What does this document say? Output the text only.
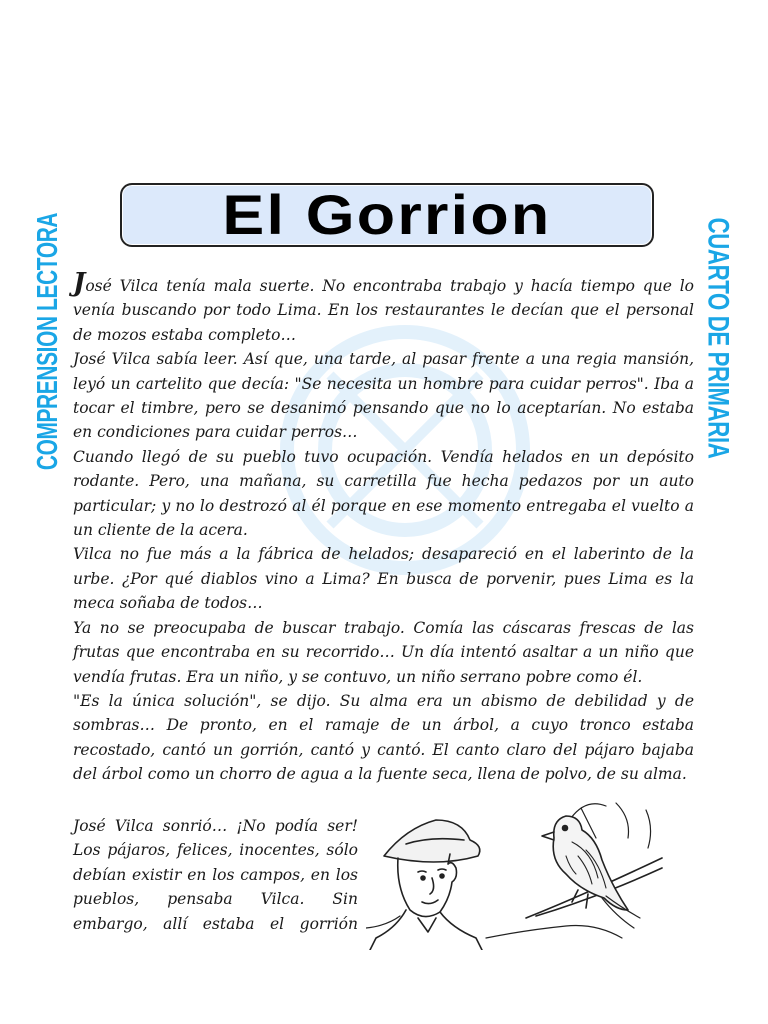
COMPRENSION LECTORA	CUARTO DE PRIMARIA
El Gorrion

José Vilca tenía mala suerte. No encontraba trabajo y hacía tiempo que lo venía buscando por todo Lima. En los restaurantes le decían que el personal de mozos estaba completo…

José Vilca sabía leer. Así que, una tarde, al pasar frente a una regia mansión, leyó un cartelito que decía: "Se necesita un hombre para cuidar perros". Iba a tocar el timbre, pero se desanimó pensando que no lo aceptarían. No estaba en condiciones para cuidar perros…

Cuando llegó de su pueblo tuvo ocupación. Vendía helados en un depósito rodante. Pero, una mañana, su carretilla fue hecha pedazos por un auto particular; y no lo destrozó al él porque en ese momento entregaba el vuelto a un cliente de la acera.

Vilca no fue más a la fábrica de helados; desapareció en el laberinto de la urbe. ¿Por qué diablos vino a Lima? En busca de porvenir, pues Lima es la meca soñaba de todos…

Ya no se preocupaba de buscar trabajo. Comía las cáscaras frescas de las frutas que encontraba en su recorrido… Un día intentó asaltar a un niño que vendía frutas. Era un niño, y se contuvo, un niño serrano pobre como él.

"Es la única solución", se dijo. Su alma era un abismo de debilidad y de sombras… De pronto, en el ramaje de un árbol, a cuyo tronco estaba recostado, cantó un gorrión, cantó y cantó. El canto claro del pájaro bajaba del árbol como un chorro de agua a la fuente seca, llena de polvo, de su alma.

José Vilca sonrió… ¡No podía ser! Los pájaros, felices, inocentes, sólo debían existir en los campos, en los pueblos, pensaba Vilca. Sin embargo, allí estaba el gorrión
